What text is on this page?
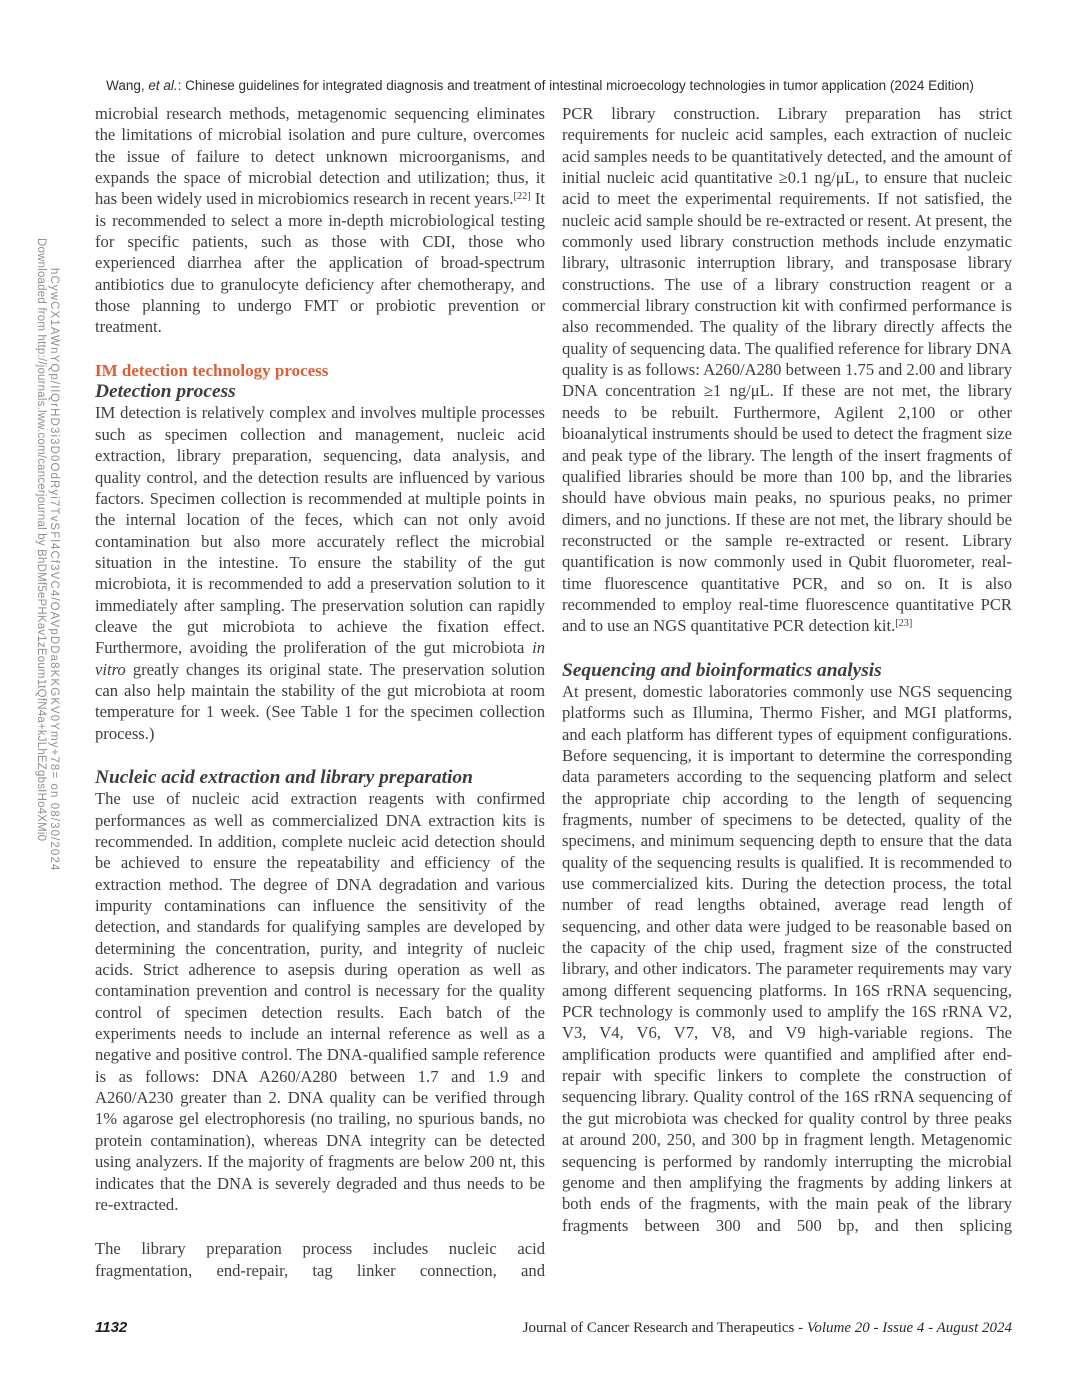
Wang, et al.: Chinese guidelines for integrated diagnosis and treatment of intestinal microecology technologies in tumor application (2024 Edition)
Downloaded from http://journals.lww.com/cancerjournal by BhDMf5ePHKav1zEoum1tQfN4a+kJLhEZgbsIHo4XMi0 hCywCX1AWnYQp/IlQrHD3i3D0OdRyi7TvSFl4Cf3VC4/OAVpDDa8KKGKV0Ymy+78= on 08/30/2024

microbial research methods, metagenomic sequencing eliminates the limitations of microbial isolation and pure culture, overcomes the issue of failure to detect unknown microorganisms, and expands the space of microbial detection and utilization; thus, it has been widely used in microbiomics research in recent years.[22] It is recommended to select a more in-depth microbiological testing for specific patients, such as those with CDI, those who experienced diarrhea after the application of broad-spectrum antibiotics due to granulocyte deficiency after chemotherapy, and those planning to undergo FMT or probiotic prevention or treatment.

IM detection technology process
Detection process

IM detection is relatively complex and involves multiple processes such as specimen collection and management, nucleic acid extraction, library preparation, sequencing, data analysis, and quality control, and the detection results are influenced by various factors. Specimen collection is recommended at multiple points in the internal location of the feces, which can not only avoid contamination but also more accurately reflect the microbial situation in the intestine. To ensure the stability of the gut microbiota, it is recommended to add a preservation solution to it immediately after sampling. The preservation solution can rapidly cleave the gut microbiota to achieve the fixation effect. Furthermore, avoiding the proliferation of the gut microbiota in vitro greatly changes its original state. The preservation solution can also help maintain the stability of the gut microbiota at room temperature for 1 week. (See Table 1 for the specimen collection process.)

Nucleic acid extraction and library preparation

The use of nucleic acid extraction reagents with confirmed performances as well as commercialized DNA extraction kits is recommended. In addition, complete nucleic acid detection should be achieved to ensure the repeatability and efficiency of the extraction method. The degree of DNA degradation and various impurity contaminations can influence the sensitivity of the detection, and standards for qualifying samples are developed by determining the concentration, purity, and integrity of nucleic acids. Strict adherence to asepsis during operation as well as contamination prevention and control is necessary for the quality control of specimen detection results. Each batch of the experiments needs to include an internal reference as well as a negative and positive control. The DNA-qualified sample reference is as follows: DNA A260/A280 between 1.7 and 1.9 and A260/A230 greater than 2. DNA quality can be verified through 1% agarose gel electrophoresis (no trailing, no spurious bands, no protein contamination), whereas DNA integrity can be detected using analyzers. If the majority of fragments are below 200 nt, this indicates that the DNA is severely degraded and thus needs to be re-extracted.

The library preparation process includes nucleic acid fragmentation, end-repair, tag linker connection, and

PCR library construction. Library preparation has strict requirements for nucleic acid samples, each extraction of nucleic acid samples needs to be quantitatively detected, and the amount of initial nucleic acid quantitative ≥0.1 ng/μL, to ensure that nucleic acid to meet the experimental requirements. If not satisfied, the nucleic acid sample should be re-extracted or resent. At present, the commonly used library construction methods include enzymatic library, ultrasonic interruption library, and transposase library constructions. The use of a library construction reagent or a commercial library construction kit with confirmed performance is also recommended. The quality of the library directly affects the quality of sequencing data. The qualified reference for library DNA quality is as follows: A260/A280 between 1.75 and 2.00 and library DNA concentration ≥1 ng/μL. If these are not met, the library needs to be rebuilt. Furthermore, Agilent 2,100 or other bioanalytical instruments should be used to detect the fragment size and peak type of the library. The length of the insert fragments of qualified libraries should be more than 100 bp, and the libraries should have obvious main peaks, no spurious peaks, no primer dimers, and no junctions. If these are not met, the library should be reconstructed or the sample re-extracted or resent. Library quantification is now commonly used in Qubit fluorometer, real-time fluorescence quantitative PCR, and so on. It is also recommended to employ real-time fluorescence quantitative PCR and to use an NGS quantitative PCR detection kit.[23]

Sequencing and bioinformatics analysis

At present, domestic laboratories commonly use NGS sequencing platforms such as Illumina, Thermo Fisher, and MGI platforms, and each platform has different types of equipment configurations. Before sequencing, it is important to determine the corresponding data parameters according to the sequencing platform and select the appropriate chip according to the length of sequencing fragments, number of specimens to be detected, quality of the specimens, and minimum sequencing depth to ensure that the data quality of the sequencing results is qualified. It is recommended to use commercialized kits. During the detection process, the total number of read lengths obtained, average read length of sequencing, and other data were judged to be reasonable based on the capacity of the chip used, fragment size of the constructed library, and other indicators. The parameter requirements may vary among different sequencing platforms. In 16S rRNA sequencing, PCR technology is commonly used to amplify the 16S rRNA V2, V3, V4, V6, V7, V8, and V9 high-variable regions. The amplification products were quantified and amplified after end-repair with specific linkers to complete the construction of sequencing library. Quality control of the 16S rRNA sequencing of the gut microbiota was checked for quality control by three peaks at around 200, 250, and 300 bp in fragment length. Metagenomic sequencing is performed by randomly interrupting the microbial genome and then amplifying the fragments by adding linkers at both ends of the fragments, with the main peak of the library fragments between 300 and 500 bp, and then splicing

1132	Journal of Cancer Research and Therapeutics - Volume 20 - Issue 4 - August 2024
